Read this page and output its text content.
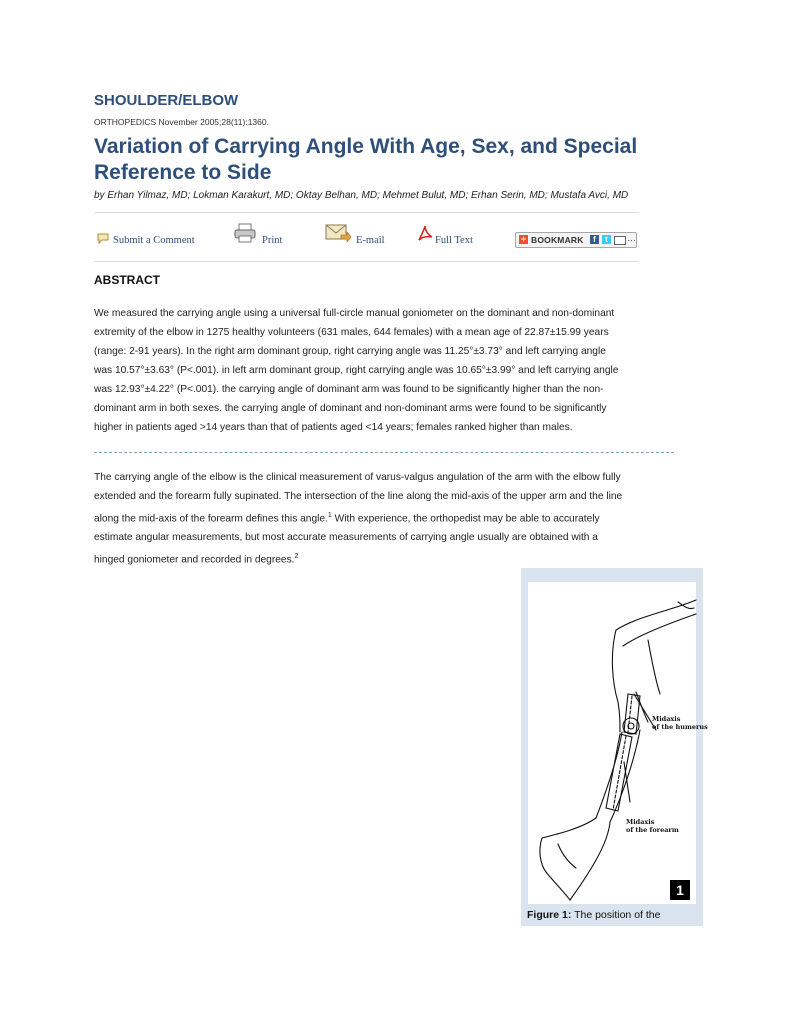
SHOULDER/ELBOW
ORTHOPEDICS November 2005;28(11):1360.
Variation of Carrying Angle With Age, Sex, and Special Reference to Side
by Erhan Yilmaz, MD; Lokman Karakurt, MD; Oktay Belhan, MD; Mehmet Bulut, MD; Erhan Serin, MD; Mustafa Avci, MD
Submit a Comment	Print	E-mail	Full Text	+ BOOKMARK	f	t	…
ABSTRACT
We measured the carrying angle using a universal full-circle manual goniometer on the dominant and non-dominant
extremity of the elbow in 1275 healthy volunteers (631 males, 644 females) with a mean age of 22.87±15.99 years
(range: 2-91 years). In the right arm dominant group, right carrying angle was 11.25°±3.73° and left carrying angle
was 10.57°±3.63° (P<.001). in left arm dominant group, right carrying angle was 10.65°±3.99° and left carrying angle
was 12.93°±4.22° (P<.001). the carrying angle of dominant arm was found to be significantly higher than the non-
dominant arm in both sexes. the carrying angle of dominant and non-dominant arms were found to be significantly
higher in patients aged >14 years than that of patients aged <14 years; females ranked higher than males.
The carrying angle of the elbow is the clinical measurement of varus-valgus angulation of the arm with the elbow fully
extended and the forearm fully supinated. The intersection of the line along the mid-axis of the upper arm and the line
along the mid-axis of the forearm defines this angle.$^1$ With experience, the orthopedist may be able to accurately
estimate angular measurements, but most accurate measurements of carrying angle usually are obtained with a
hinged goniometer and recorded in degrees.$^2$
Midaxis
of the humerus
Midaxis
of the forearm
1
Figure 1: The position of the
